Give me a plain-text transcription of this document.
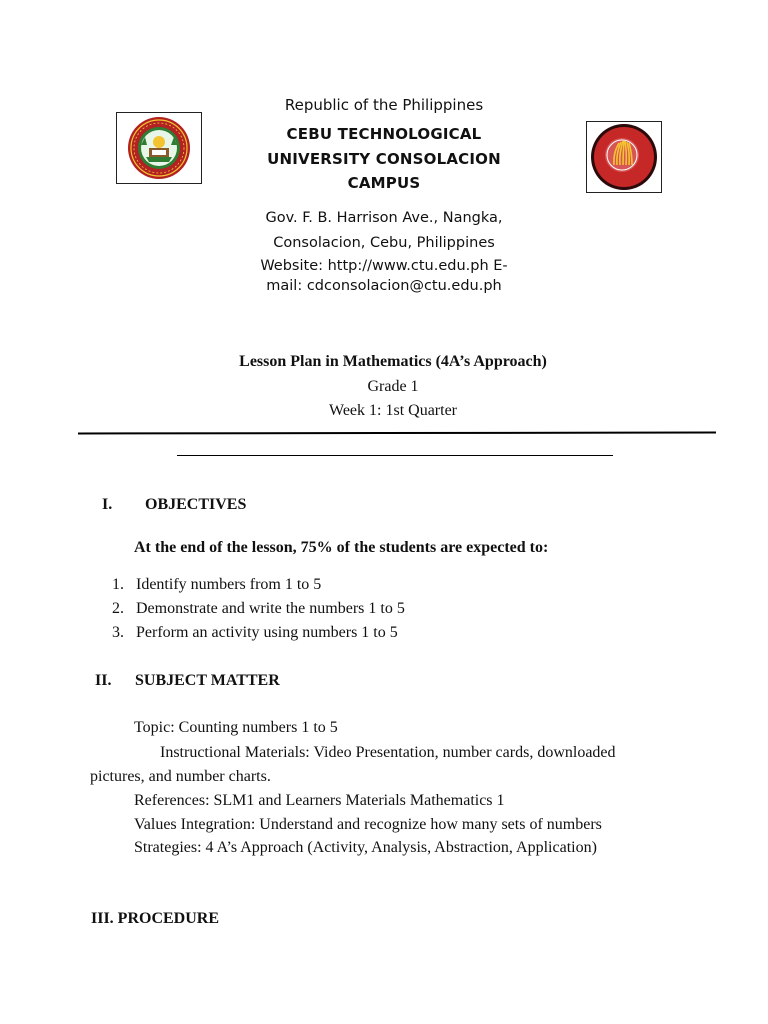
Republic of the Philippines
CEBU TECHNOLOGICAL
UNIVERSITY CONSOLACION
CAMPUS
Gov. F. B. Harrison Ave., Nangka,
Consolacion, Cebu, Philippines
Website: http://www.ctu.edu.ph E-
mail: cdconsolacion@ctu.edu.ph
Lesson Plan in Mathematics (4A’s Approach)
Grade 1
Week 1: 1st Quarter
I. OBJECTIVES
At the end of the lesson, 75% of the students are expected to:
1. Identify numbers from 1 to 5
2. Demonstrate and write the numbers 1 to 5
3. Perform an activity using numbers 1 to 5
II. SUBJECT MATTER
Topic: Counting numbers 1 to 5
Instructional Materials: Video Presentation, number cards, downloaded
pictures, and number charts.
References: SLM1 and Learners Materials Mathematics 1
Values Integration: Understand and recognize how many sets of numbers
Strategies: 4 A’s Approach (Activity, Analysis, Abstraction, Application)
III. PROCEDURE
